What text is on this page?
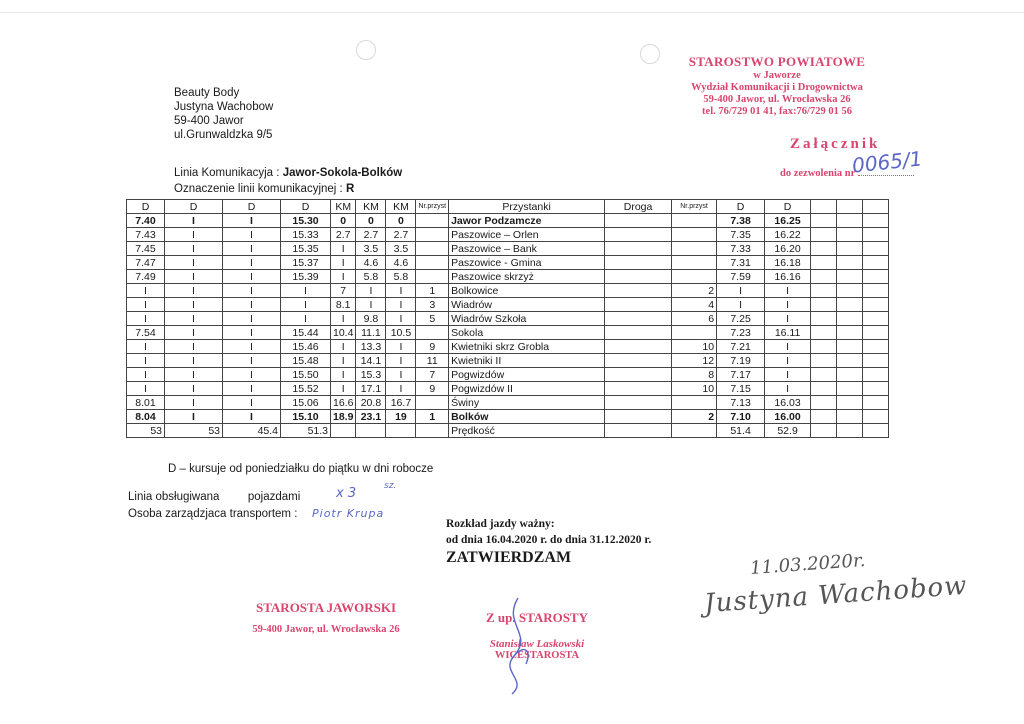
Beauty Body
Justyna Wachobow
59-400 Jawor
ul.Grunwaldzka 9/5
STAROSTWO POWIATOWE
w Jaworze
Wydział Komunikacji i Drogownictwa
59-400 Jawor, ul. Wrocławska 26
tel. 76/729 01 41, fax:76/729 01 56
Załącznik
do zezwolenia nr
0065/1
Linia Komunikacyja : Jawor-Sokola-Bolków
Oznaczenie linii komunikacyjnej : R
D	D	D	D	KM	KM	KM	Nr.przyst	Przystanki	Droga	Nr.przyst	D	D			
7.40	I	I	15.30	0	0	0		Jawor Podzamcze			7.38	16.25			
7.43	I	I	15.33	2.7	2.7	2.7		Paszowice – Orlen			7.35	16.22			
7.45	I	I	15.35	I	3.5	3.5		Paszowice – Bank			7.33	16.20			
7.47	I	I	15.37	I	4.6	4.6		Paszowice - Gmina			7.31	16.18			
7.49	I	I	15.39	I	5.8	5.8		Paszowice skrzyż			7.59	16.16			
I	I	I	I	7	I	I	1	Bolkowice		2	I	I			
I	I	I	I	8.1	I	I	3	Wiadrów		4	I	I			
I	I	I	I	I	9.8	I	5	Wiadrów Szkoła		6	7.25	I			
7.54	I	I	15.44	10.4	11.1	10.5		Sokola			7.23	16.11			
I	I	I	15.46	I	13.3	I	9	Kwietniki skrz Grobla		10	7.21	I			
I	I	I	15.48	I	14.1	I	11	Kwietniki II		12	7.19	I			
I	I	I	15.50	I	15.3	I	7	Pogwizdów		8	7.17	I			
I	I	I	15.52	I	17.1	I	9	Pogwizdów II		10	7.15	I			
8.01	I	I	15.06	16.6	20.8	16.7		Świny			7.13	16.03			
8.04	I	I	15.10	18.9	23.1	19	1	Bolków		2	7.10	16.00			
53	53	45.4	51.3					Prędkość			51.4	52.9			
D – kursuje od poniedziałku do piątku w dni robocze
Linia obsługiwana pojazdami	x 3	sz.
Osoba zarządzjaca transportem : Piotr Krupa
Rozkład jazdy ważny:
od dnia 16.04.2020 r. do dnia 31.12.2020 r.
ZATWIERDZAM
STAROSTA JAWORSKI
59-400 Jawor, ul. Wrocławska 26
Z up. STAROSTY
Stanisław Laskowski
WICESTAROSTA
11.03.2020r.
Justyna Wachobow
